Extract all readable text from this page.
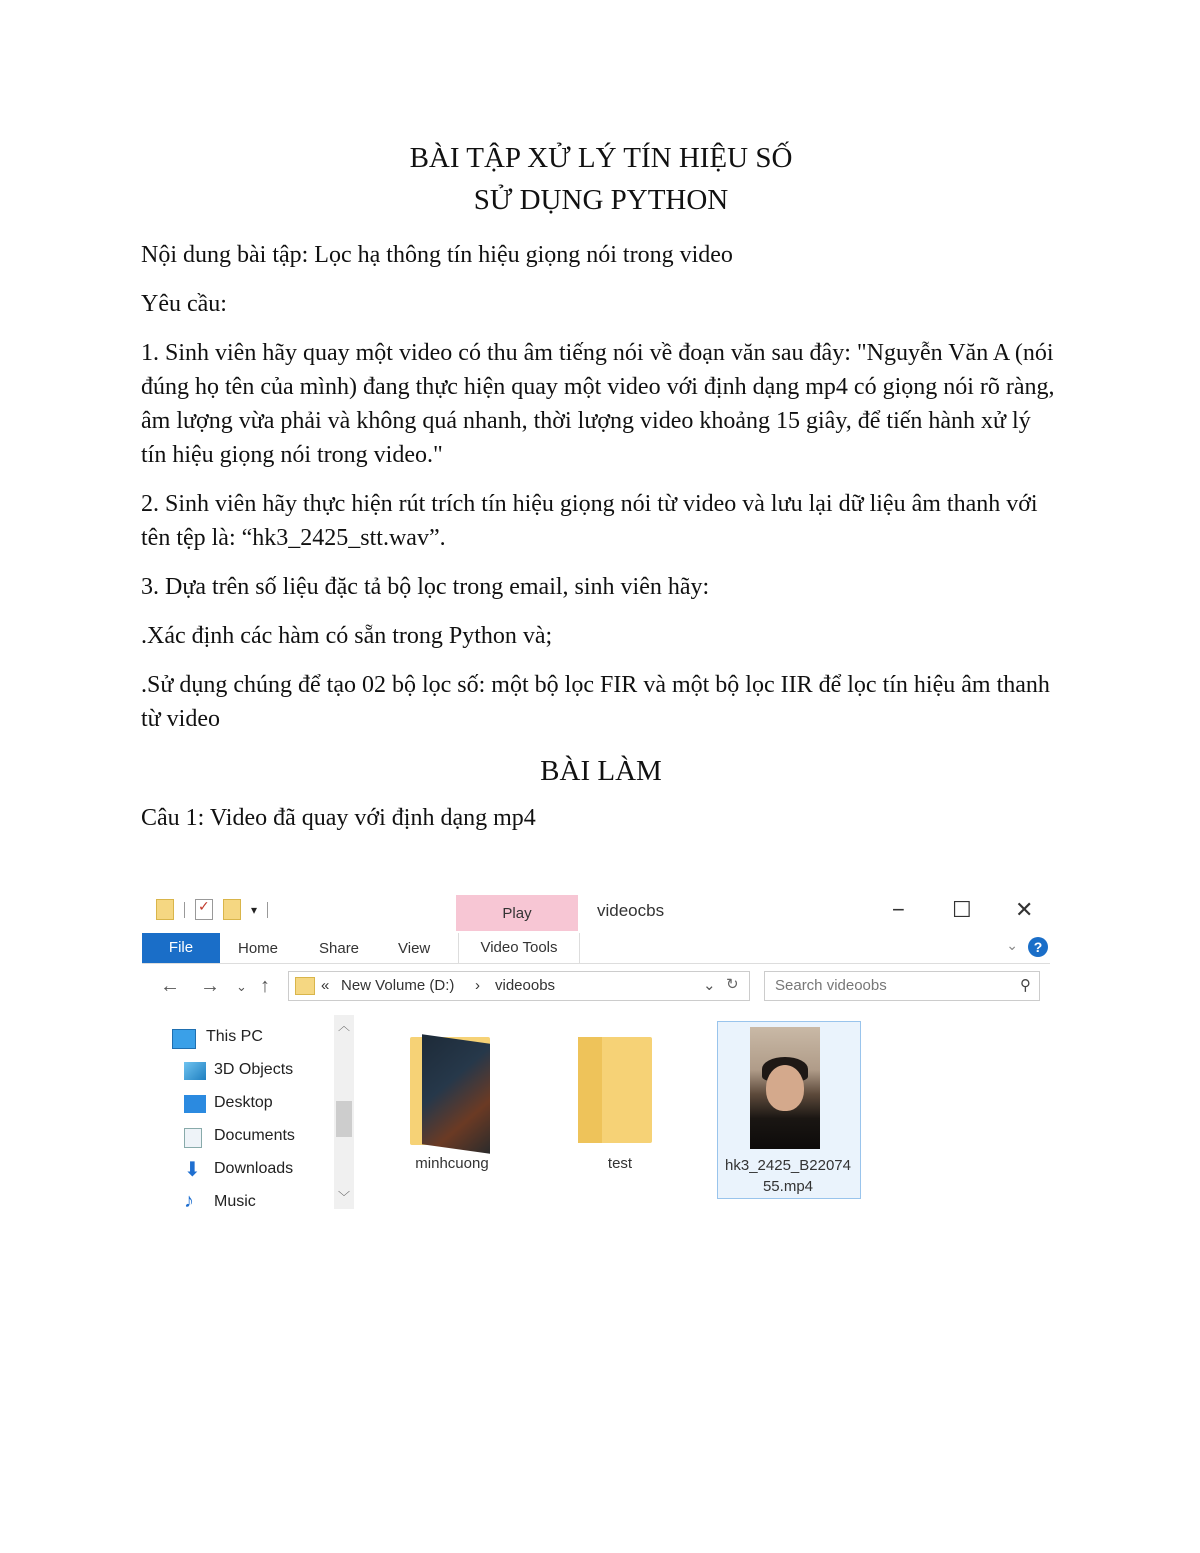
BÀI TẬP XỬ LÝ TÍN HIỆU SỐ

SỬ DỤNG PYTHON

Nội dung bài tập: Lọc hạ thông tín hiệu giọng nói trong video

Yêu cầu:

1. Sinh viên hãy quay một video có thu âm tiếng nói về đoạn văn sau đây: "Nguyễn Văn A (nói đúng họ tên của mình) đang thực hiện quay một video với định dạng mp4 có giọng nói rõ ràng, âm lượng vừa phải và không quá nhanh, thời lượng video khoảng 15 giây, để tiến hành xử lý tín hiệu giọng nói trong video."

2. Sinh viên hãy thực hiện rút trích tín hiệu giọng nói từ video và lưu lại dữ liệu âm thanh với tên tệp là: “hk3_2425_stt.wav”.

3. Dựa trên số liệu đặc tả bộ lọc trong email, sinh viên hãy:

.Xác định các hàm có sẵn trong Python và;

.Sử dụng chúng để tạo 02 bộ lọc số: một bộ lọc FIR và một bộ lọc IIR để lọc tín hiệu âm thanh từ video

BÀI LÀM

Câu 1: Video đã quay với định dạng mp4

✓
▾	Play	videocbs	− ☐ ✕
File	Home	Share	View	Video Tools	⌄	?
← → ⌄ ↑	« New Volume (D:) › videoobs	⌄ ↻ Search videoobs	⚲
This PC
3D Objects
Desktop
Documents
⬇ Downloads
♪	Music
︿
﹀
minhcuong	test	hk3_2425_B22074
55.mp4
